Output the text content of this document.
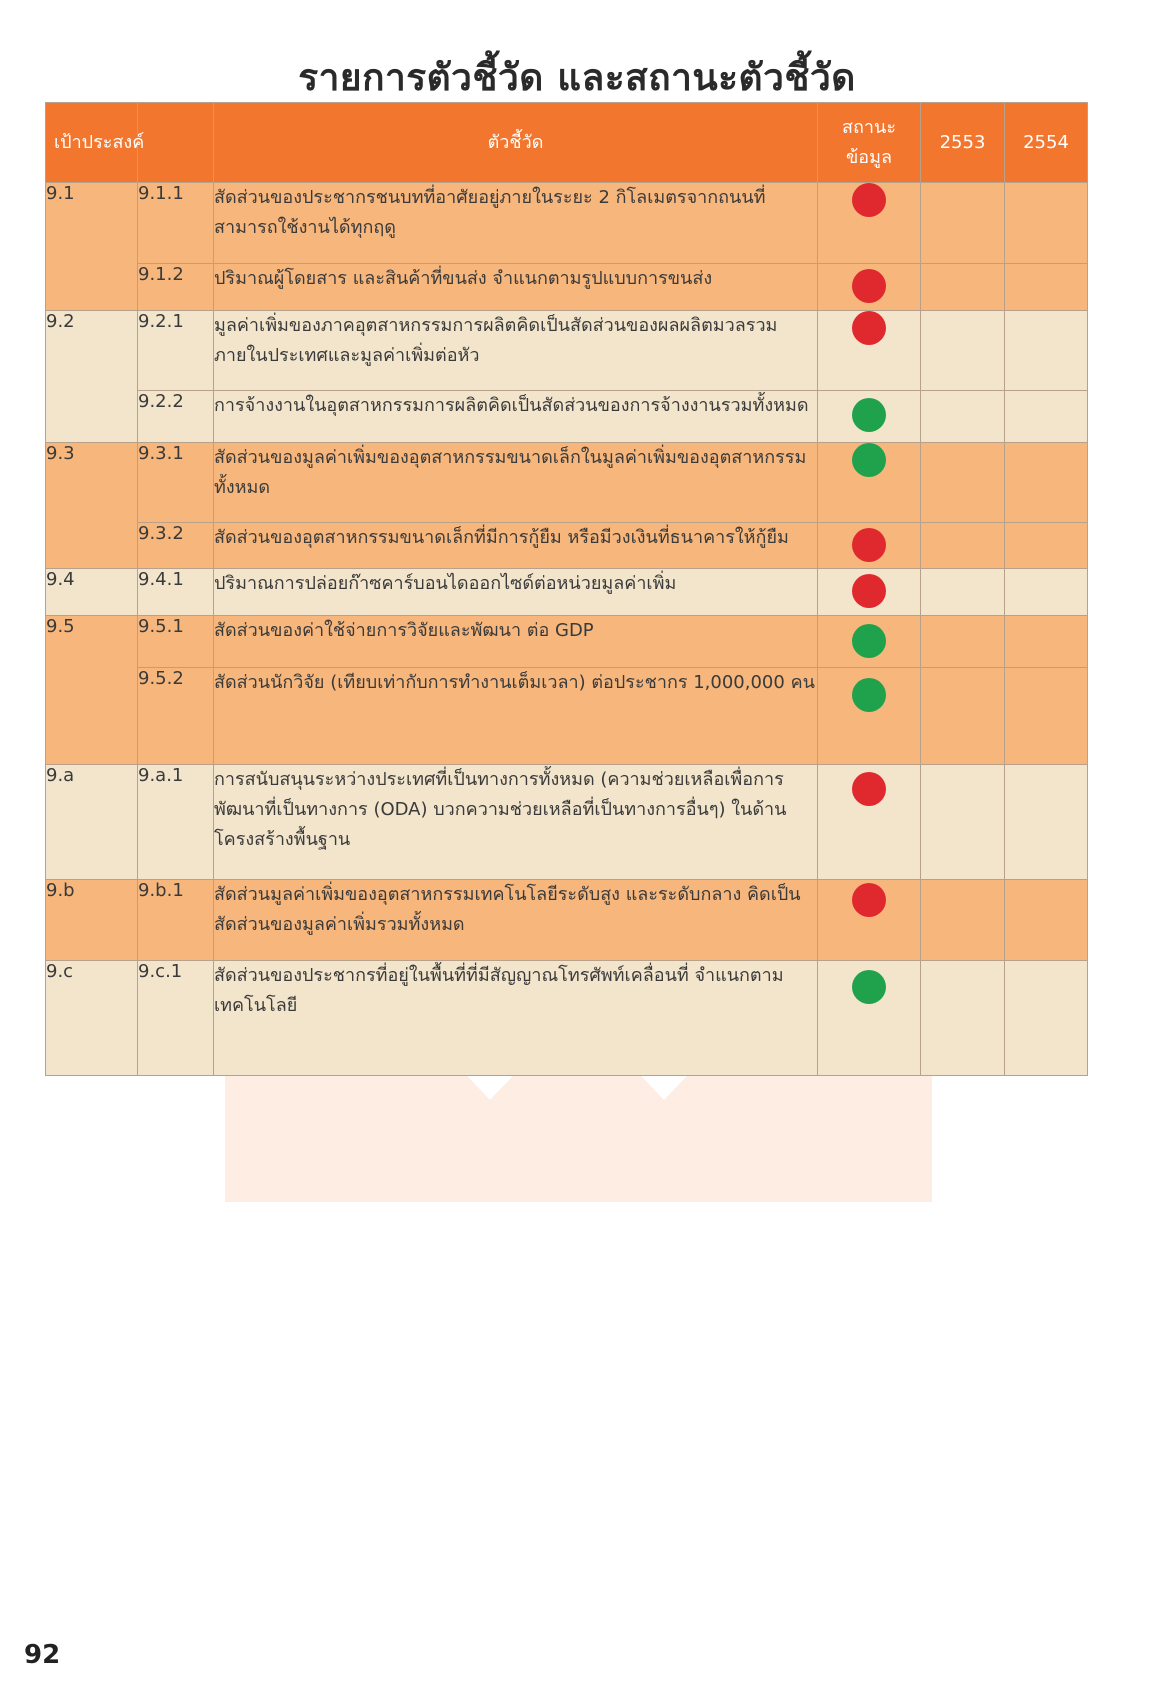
รายการตัวชี้วัด และสถานะตัวชี้วัด
เป้าประสงค์		ตัวชี้วัด	สถานะข้อมูล	2553	2554
9.1	9.1.1	สัดส่วนของประชากรชนบทที่อาศัยอยู่ภายในระยะ 2 กิโลเมตรจากถนนที่สามารถใช้งานได้ทุกฤดู			
	9.1.2	ปริมาณผู้โดยสาร และสินค้าที่ขนส่ง จำแนกตามรูปแบบการขนส่ง			
9.2	9.2.1	มูลค่าเพิ่มของภาคอุตสาหกรรมการผลิตคิดเป็นสัดส่วนของผลผลิตมวลรวมภายในประเทศและมูลค่าเพิ่มต่อหัว			
	9.2.2	การจ้างงานในอุตสาหกรรมการผลิตคิดเป็นสัดส่วนของการจ้างงานรวมทั้งหมด			
9.3	9.3.1	สัดส่วนของมูลค่าเพิ่มของอุตสาหกรรมขนาดเล็กในมูลค่าเพิ่มของอุตสาหกรรมทั้งหมด			
	9.3.2	สัดส่วนของอุตสาหกรรมขนาดเล็กที่มีการกู้ยืม หรือมีวงเงินที่ธนาคารให้กู้ยืม			
9.4	9.4.1	ปริมาณการปล่อยก๊าซคาร์บอนไดออกไซด์ต่อหน่วยมูลค่าเพิ่ม			
9.5	9.5.1	สัดส่วนของค่าใช้จ่ายการวิจัยและพัฒนา ต่อ GDP			
	9.5.2	สัดส่วนนักวิจัย (เทียบเท่ากับการทำงานเต็มเวลา) ต่อประชากร 1,000,000 คน			
9.a	9.a.1	การสนับสนุนระหว่างประเทศที่เป็นทางการทั้งหมด (ความช่วยเหลือเพื่อการพัฒนาที่เป็นทางการ (ODA) บวกความช่วยเหลือที่เป็นทางการอื่นๆ) ในด้านโครงสร้างพื้นฐาน			
9.b	9.b.1	สัดส่วนมูลค่าเพิ่มของอุตสาหกรรมเทคโนโลยีระดับสูง และระดับกลาง คิดเป็นสัดส่วนของมูลค่าเพิ่มรวมทั้งหมด			
9.c	9.c.1	สัดส่วนของประชากรที่อยู่ในพื้นที่ที่มีสัญญาณโทรศัพท์เคลื่อนที่ จำแนกตามเทคโนโลยี			
92
